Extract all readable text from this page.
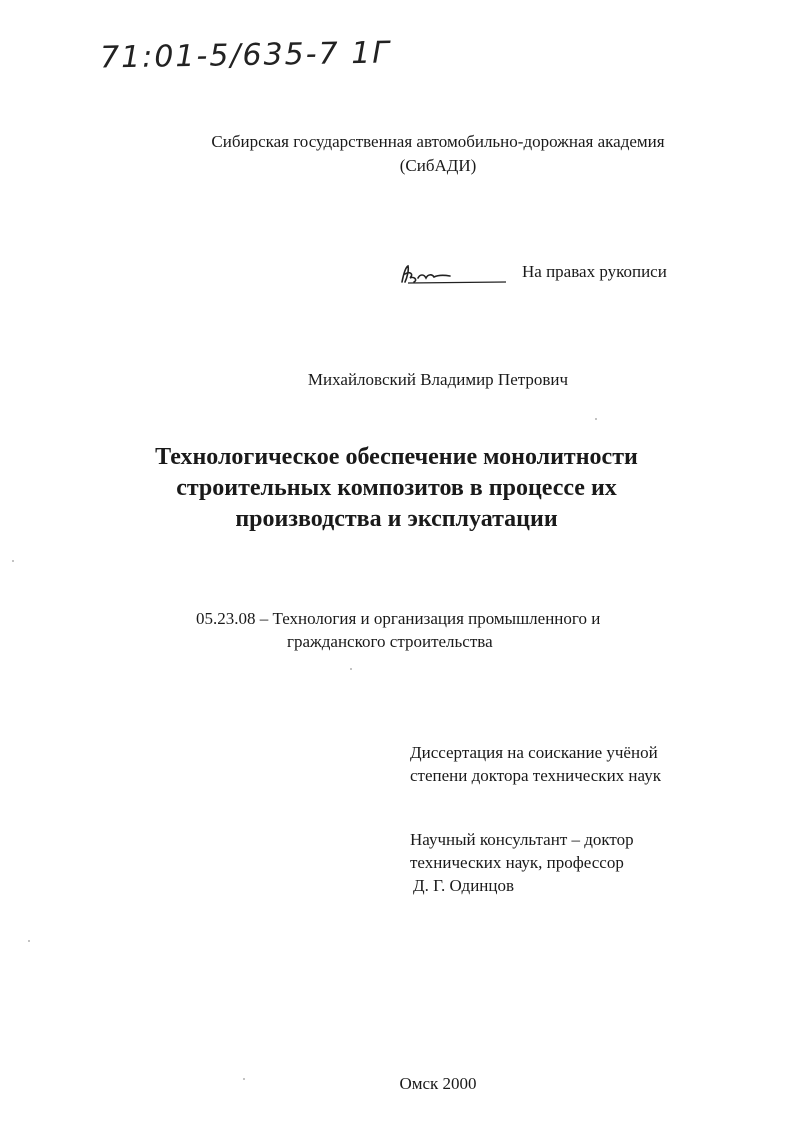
71:01-5/635-7 1Г
Сибирская государственная автомобильно-дорожная академия
(СибАДИ)
На правах рукописи
Михайловский Владимир Петрович
Технологическое обеспечение монолитности
строительных композитов в процессе их
производства и эксплуатации
05.23.08 – Технология и организация промышленного и
гражданского строительства
Диссертация на соискание учёной
степени доктора технических наук
Научный консультант – доктор
технических наук, профессор
Д. Г. Одинцов
Омск 2000
